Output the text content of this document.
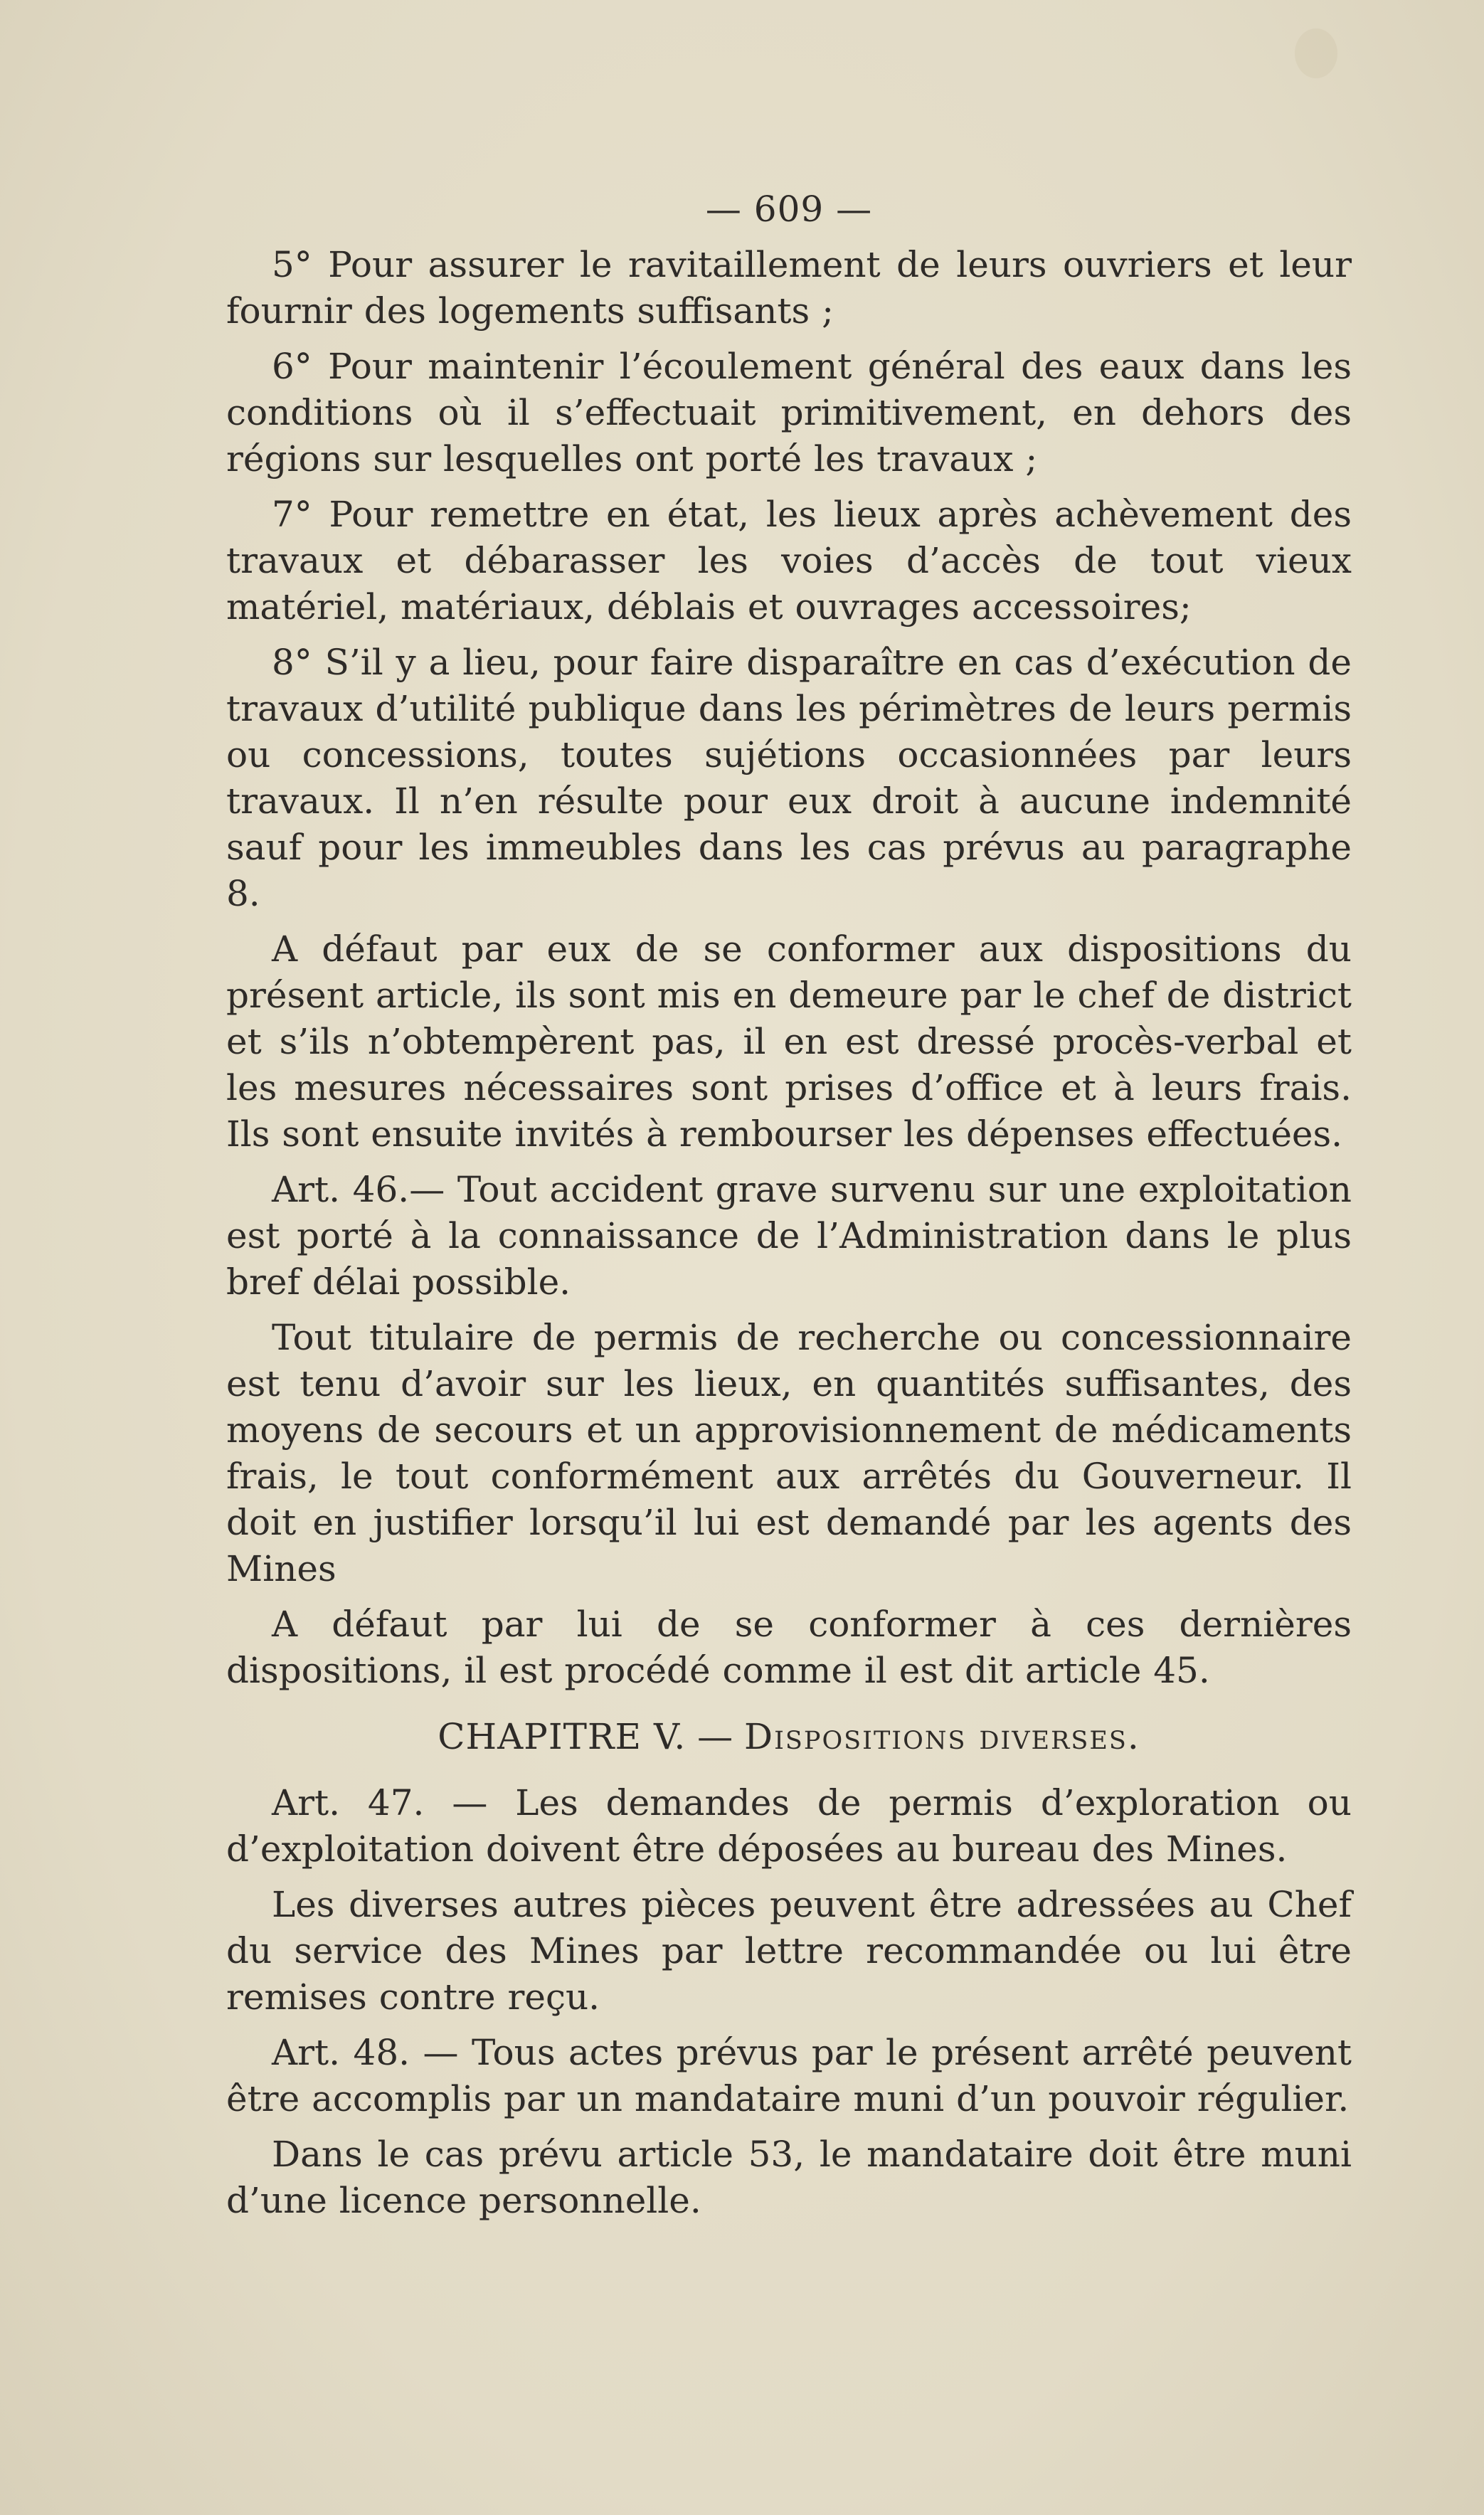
— 609 —

5° Pour assurer le ravitaillement de leurs ouvriers et leur fournir des logements suffisants ;

6° Pour maintenir l’écoulement général des eaux dans les conditions où il s’effectuait primitivement, en dehors des régions sur lesquelles ont porté les travaux ;

7° Pour remettre en état, les lieux après achèvement des travaux et débarasser les voies d’accès de tout vieux matériel, matériaux, déblais et ouvrages accessoires;

8° S’il y a lieu, pour faire disparaître en cas d’exécution de travaux d’utilité publique dans les périmètres de leurs permis ou concessions, toutes sujétions occasionnées par leurs travaux. Il n’en résulte pour eux droit à aucune indemnité sauf pour les immeubles dans les cas prévus au paragraphe 8.

A défaut par eux de se conformer aux dispositions du présent article, ils sont mis en demeure par le chef de district et s’ils n’obtempèrent pas, il en est dressé procès-verbal et les mesures nécessaires sont prises d’office et à leurs frais. Ils sont ensuite invités à rembourser les dépenses effectuées.

Art. 46.— Tout accident grave survenu sur une exploitation est porté à la connaissance de l’Administration dans le plus bref délai possible.

Tout titulaire de permis de recherche ou concessionnaire est tenu d’avoir sur les lieux, en quantités suffisantes, des moyens de secours et un approvisionnement de médicaments frais, le tout conformément aux arrêtés du Gouverneur. Il doit en justifier lorsqu’il lui est demandé par les agents des Mines

A défaut par lui de se conformer à ces dernières dispositions, il est procédé comme il est dit article 45.

CHAPITRE V. — Dispositions diverses.

Art. 47. — Les demandes de permis d’exploration ou d’exploitation doivent être déposées au bureau des Mines.

Les diverses autres pièces peuvent être adressées au Chef du service des Mines par lettre recommandée ou lui être remises contre reçu.

Art. 48. — Tous actes prévus par le présent arrêté peuvent être accomplis par un mandataire muni d’un pouvoir régulier.

Dans le cas prévu article 53, le mandataire doit être muni d’une licence personnelle.
